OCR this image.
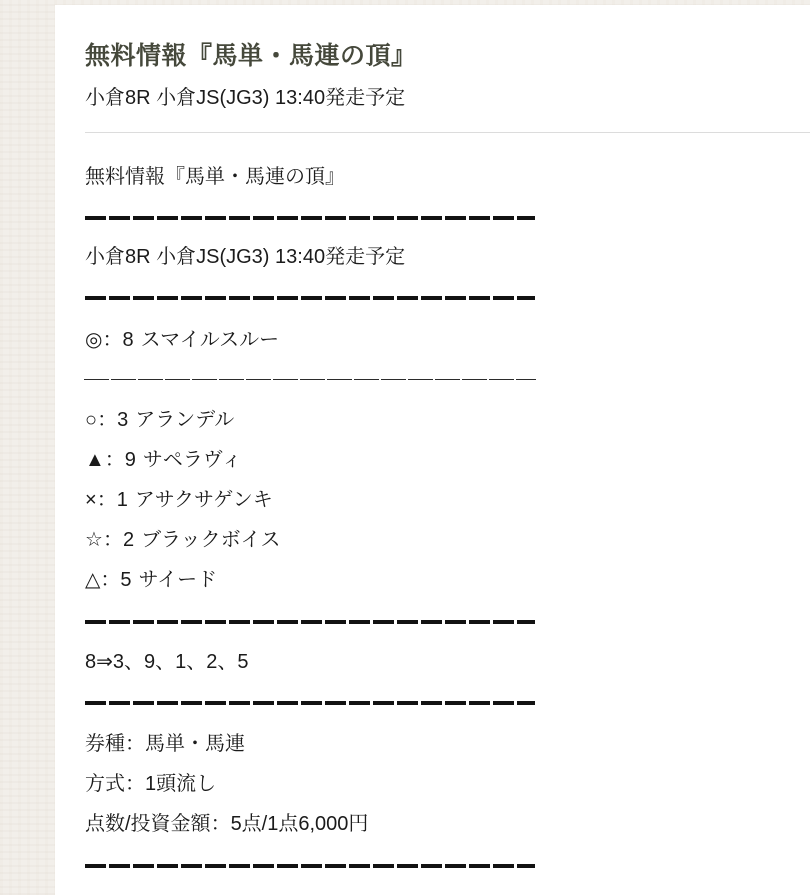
無料情報『馬単・馬連の頂』

小倉8R 小倉JS(JG3) 13:40発走予定

無料情報『馬単・馬連の頂』

小倉8R 小倉JS(JG3) 13:40発走予定

◎：8 スマイルスルー

○：3 アランデル

▲：9 サペラヴィ

×：1 アサクサゲンキ

☆：2 ブラックボイス

△：5 サイード

8⇒3、9、1、2、5

券種：馬単・馬連

方式：1頭流し

点数/投資金額：5点/1点6,000円
